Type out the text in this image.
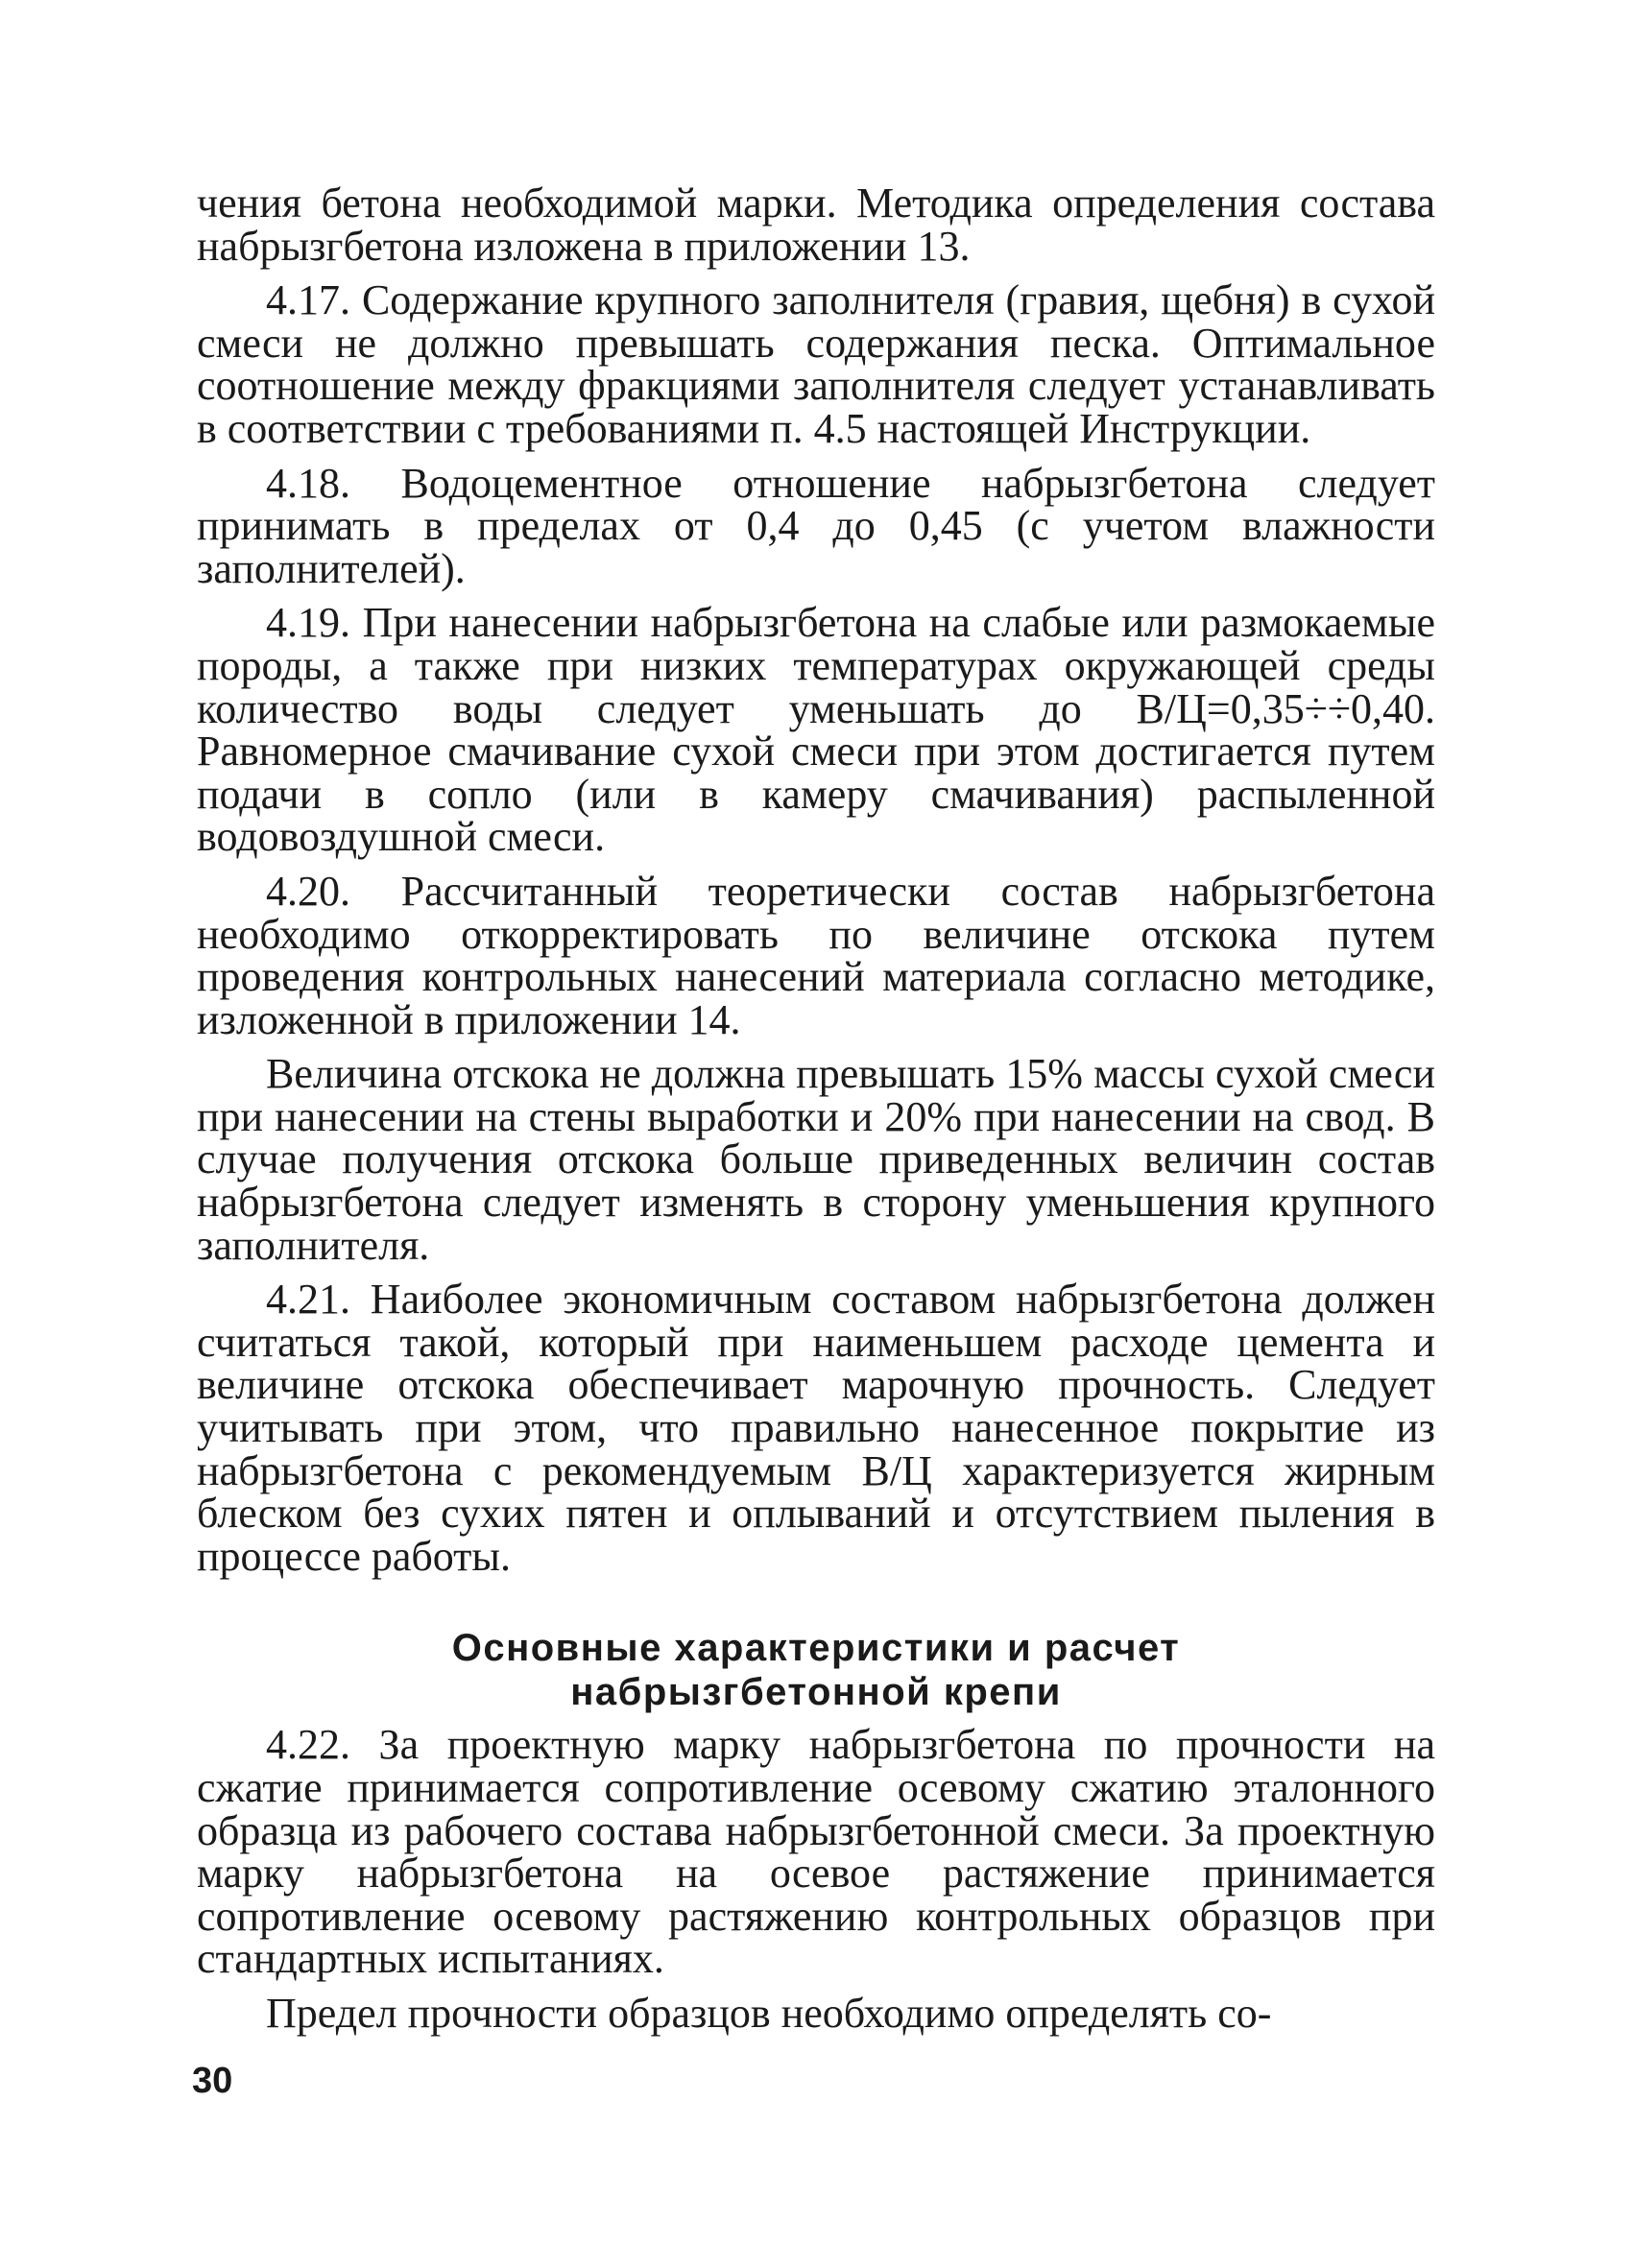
чения бетона необходимой марки. Методика определения состава набрызгбетона изложена в приложении 13.

4.17. Содержание крупного заполнителя (гравия, щебня) в сухой смеси не должно превышать содержания песка. Оптимальное соотношение между фракциями заполнителя следует устанавливать в соответствии с требованиями п. 4.5 настоящей Инструкции.

4.18. Водоцементное отношение набрызгбетона следует принимать в пределах от 0,4 до 0,45 (с учетом влажности заполнителей).

4.19. При нанесении набрызгбетона на слабые или размокаемые породы, а также при низких температурах окружающей среды количество воды следует уменьшать до В/Ц=0,35÷÷0,40. Равномерное смачивание сухой смеси при этом достигается путем подачи в сопло (или в камеру смачивания) распыленной водовоздушной смеси.

4.20. Рассчитанный теоретически состав набрызгбетона необходимо откорректировать по величине отскока путем проведения контрольных нанесений материала согласно методике, изложенной в приложении 14.

Величина отскока не должна превышать 15% массы сухой смеси при нанесении на стены выработки и 20% при нанесении на свод. В случае получения отскока больше приведенных величин состав набрызгбетона следует изменять в сторону уменьшения крупного заполнителя.

4.21. Наиболее экономичным составом набрызгбетона должен считаться такой, который при наименьшем расходе цемента и величине отскока обеспечивает марочную прочность. Следует учитывать при этом, что правильно нанесенное покрытие из набрызгбетона с рекомендуемым В/Ц характеризуется жирным блеском без сухих пятен и оплываний и отсутствием пыления в процессе работы.

Основные характеристики и расчет
набрызгбетонной крепи

4.22. За проектную марку набрызгбетона по прочности на сжатие принимается сопротивление осевому сжатию эталонного образца из рабочего состава набрызгбетонной смеси. За проектную марку набрызгбетона на осевое растяжение принимается сопротивление осевому растяжению контрольных образцов при стандартных испытаниях.

Предел прочности образцов необходимо определять со-

30
